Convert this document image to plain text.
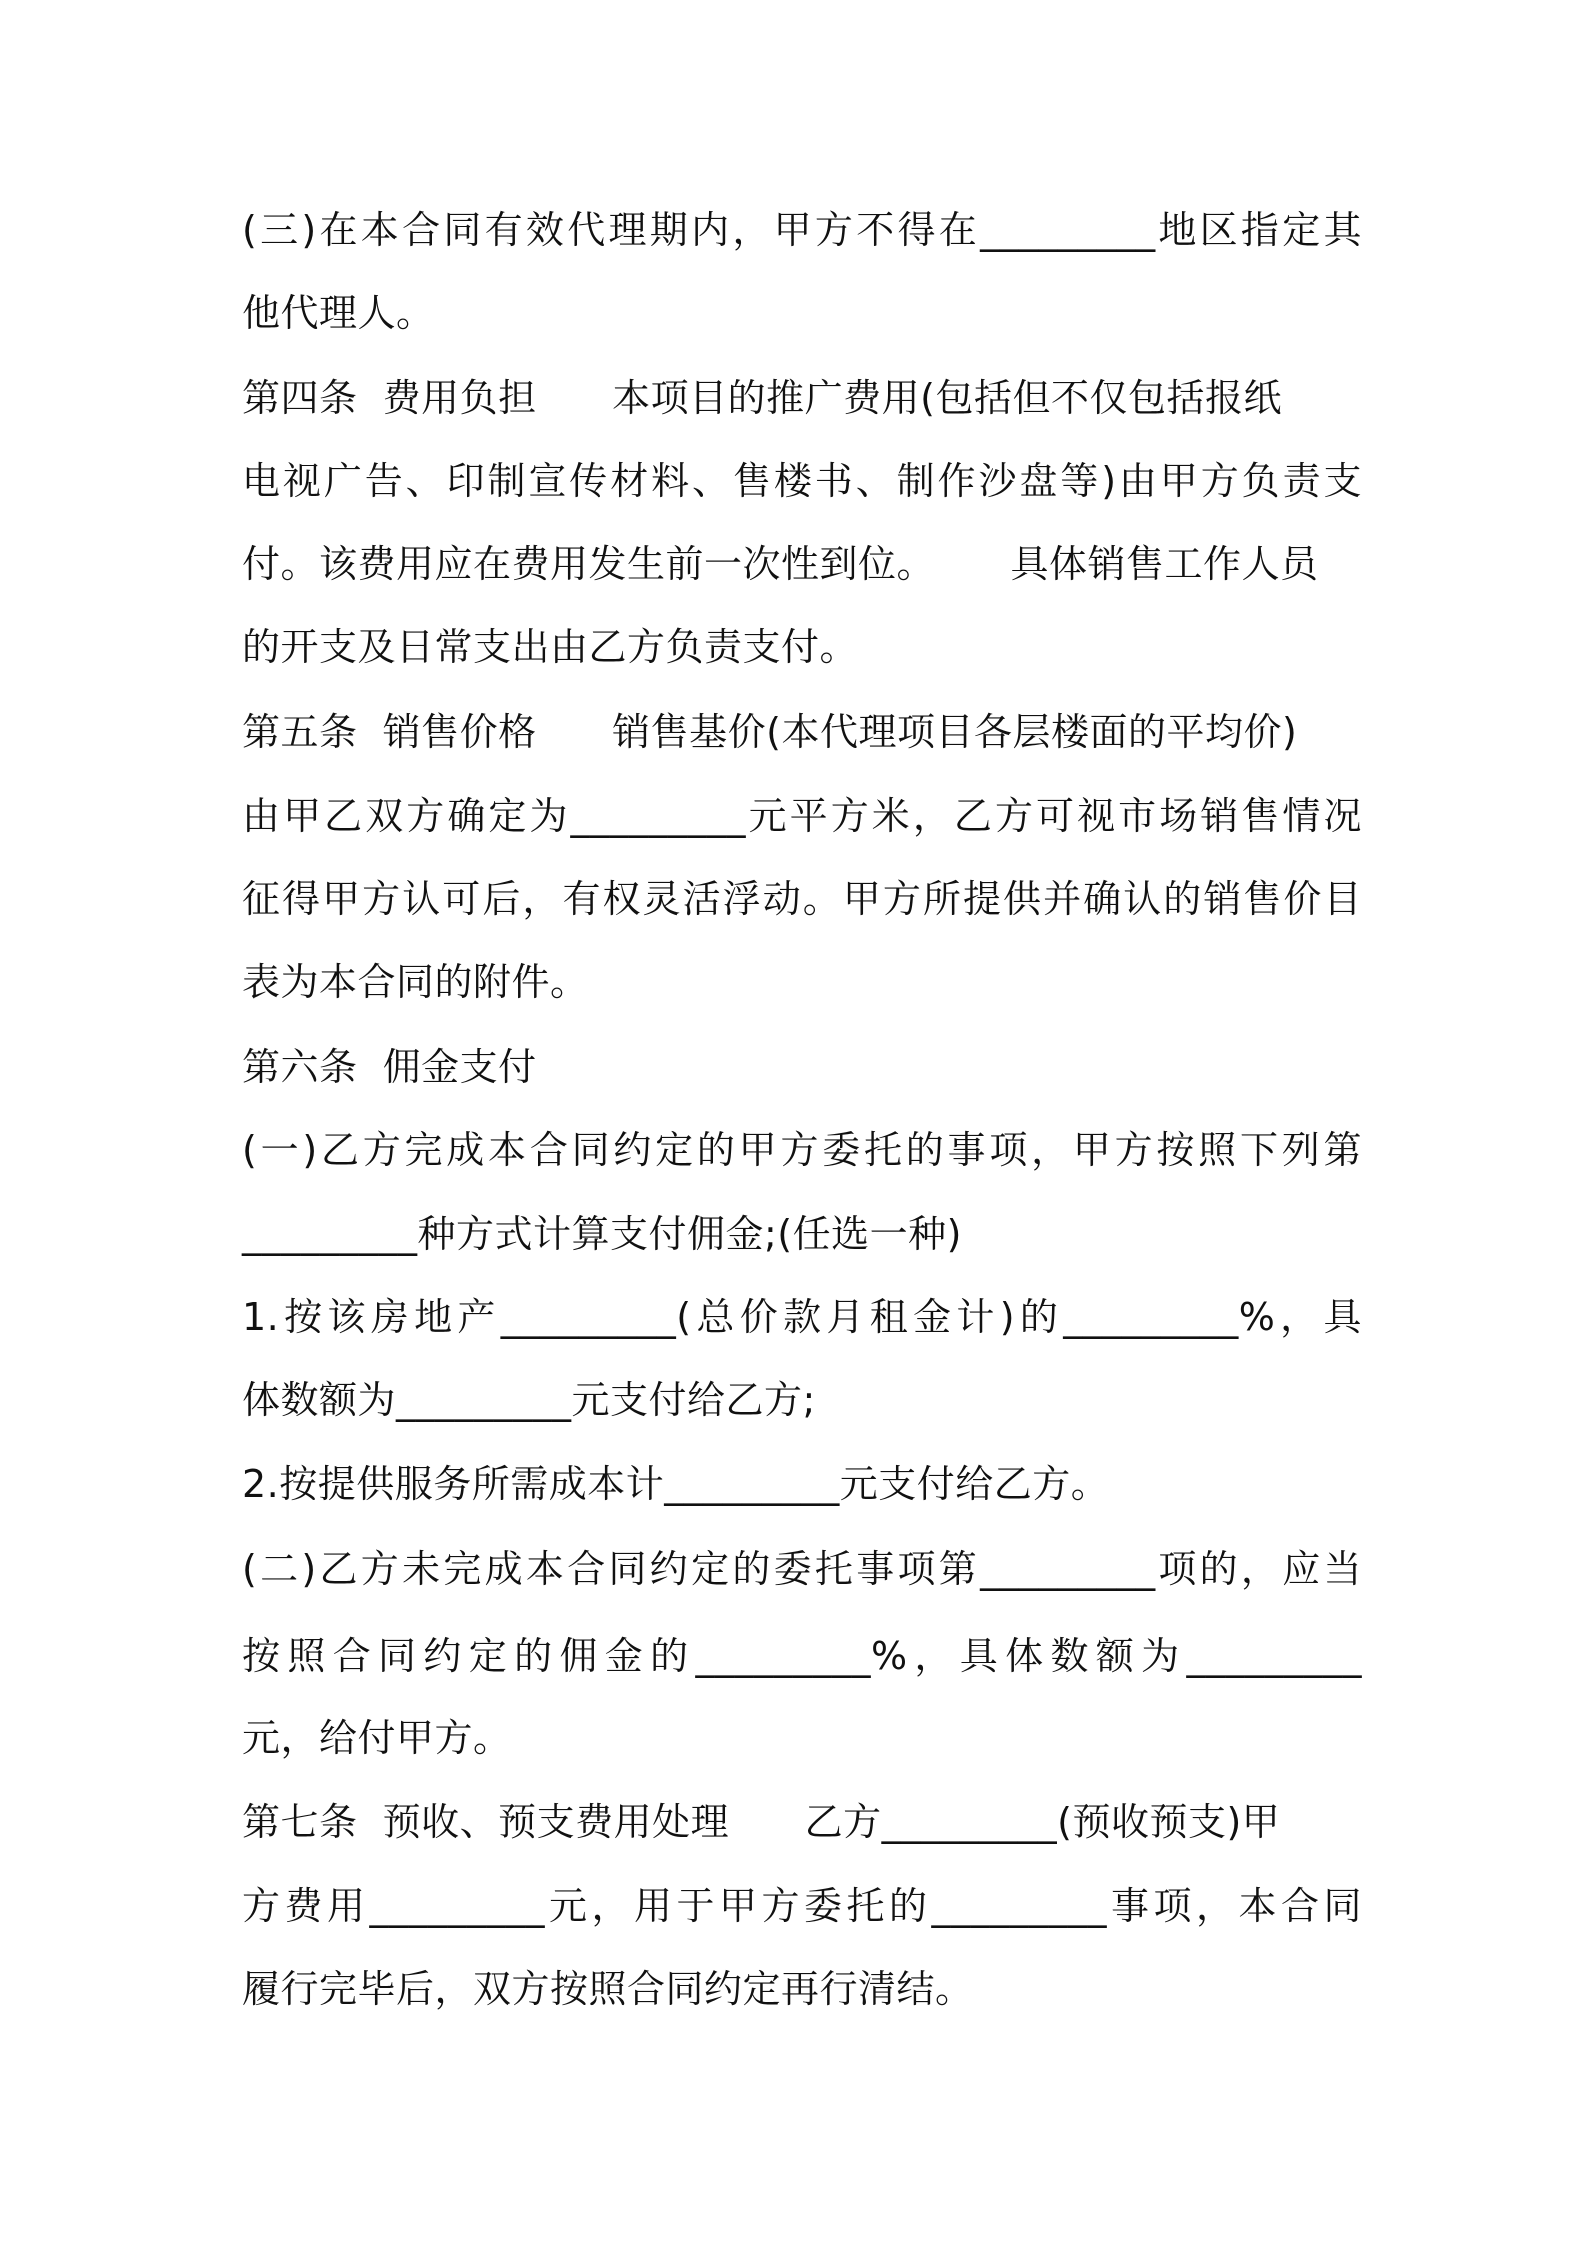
(三)在本合同有效代理期内，甲方不得在_________地区指定其
他代理人。
第四条  费用负担      本项目的推广费用(包括但不仅包括报纸
电视广告、印制宣传材料、售楼书、制作沙盘等)由甲方负责支
付。该费用应在费用发生前一次性到位。      具体销售工作人员
的开支及日常支出由乙方负责支付。
第五条  销售价格      销售基价(本代理项目各层楼面的平均价)
由甲乙双方确定为_________元平方米，乙方可视市场销售情况
征得甲方认可后，有权灵活浮动。甲方所提供并确认的销售价目
表为本合同的附件。
第六条  佣金支付
(一)乙方完成本合同约定的甲方委托的事项，甲方按照下列第
_________种方式计算支付佣金;(任选一种)
1.按该房地产_________(总价款月租金计)的_________%，具
体数额为_________元支付给乙方;
2.按提供服务所需成本计_________元支付给乙方。
(二)乙方未完成本合同约定的委托事项第_________项的，应当
按照合同约定的佣金的_________%，具体数额为_________
元，给付甲方。
第七条  预收、预支费用处理      乙方_________(预收预支)甲
方费用_________元，用于甲方委托的_________事项，本合同
履行完毕后，双方按照合同约定再行清结。
